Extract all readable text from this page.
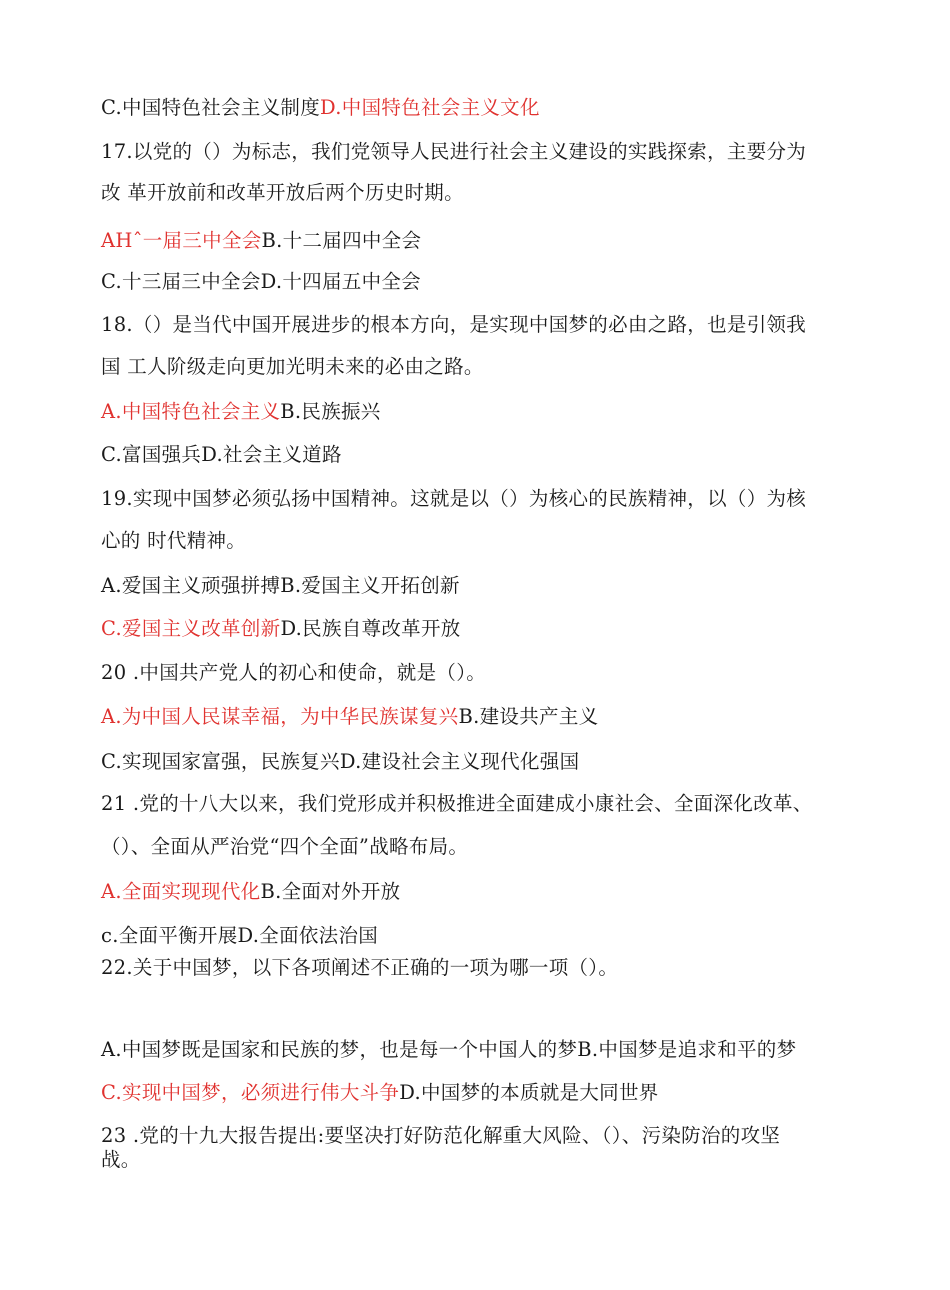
C.中国特色社会主义制度D.中国特色社会主义文化
17.以党的（）为标志，我们党领导人民进行社会主义建设的实践探索，主要分为
改 革开放前和改革开放后两个历史时期。
AHˆ一届三中全会B.十二届四中全会
C.十三届三中全会D.十四届五中全会
18.（）是当代中国开展进步的根本方向，是实现中国梦的必由之路，也是引领我
国 工人阶级走向更加光明未来的必由之路。
A.中国特色社会主义B.民族振兴
C.富国强兵D.社会主义道路
19.实现中国梦必须弘扬中国精神。这就是以（）为核心的民族精神，以（）为核
心的 时代精神。
A.爱国主义顽强拼搏B.爱国主义开拓创新
C.爱国主义改革创新D.民族自尊改革开放
20 .中国共产党人的初心和使命，就是（）。
A.为中国人民谋幸福，为中华民族谋复兴B.建设共产主义
C.实现国家富强，民族复兴D.建设社会主义现代化强国
21 .党的十八大以来，我们党形成并积极推进全面建成小康社会、全面深化改革、
（）、全面从严治党“四个全面”战略布局。
A.全面实现现代化B.全面对外开放
c.全面平衡开展D.全面依法治国
22.关于中国梦，以下各项阐述不正确的一项为哪一项（）。
A.中国梦既是国家和民族的梦，也是每一个中国人的梦B.中国梦是追求和平的梦
C.实现中国梦，必须进行伟大斗争D.中国梦的本质就是大同世界
23 .党的十九大报告提出:要坚决打好防范化解重大风险、（）、污染防治的攻坚
战。
